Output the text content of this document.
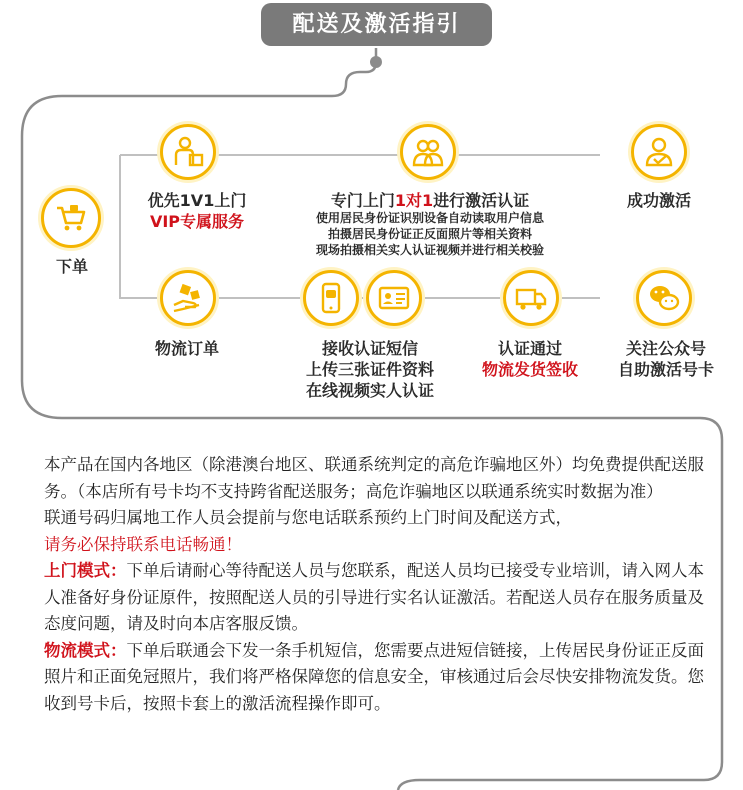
配送及激活指引
下单
优先1V1上门
VIP专属服务
专门上门1对1进行激活认证
使用居民身份证识别设备自动读取用户信息
拍摄居民身份证正反面照片等相关资料
现场拍摄相关实人认证视频并进行相关校验
成功激活
物流订单	接收认证短信
上传三张证件资料
在线视频实人认证
认证通过
物流发货签收
关注公众号
自助激活号卡

本产品在国内各地区（除港澳台地区、联通系统判定的高危诈骗地区外）均免费提供配送服务。（本店所有号卡均不支持跨省配送服务；高危诈骗地区以联通系统实时数据为准）

联通号码归属地工作人员会提前与您电话联系预约上门时间及配送方式，
请务必保持联系电话畅通！

上门模式：下单后请耐心等待配送人员与您联系，配送人员均已接受专业培训，请入网人本人准备好身份证原件，按照配送人员的引导进行实名认证激活。若配送人员存在服务质量及态度问题，请及时向本店客服反馈。

物流模式：下单后联通会下发一条手机短信，您需要点进短信链接，上传居民身份证正反面照片和正面免冠照片，我们将严格保障您的信息安全，审核通过后会尽快安排物流发货。您收到号卡后，按照卡套上的激活流程操作即可。
